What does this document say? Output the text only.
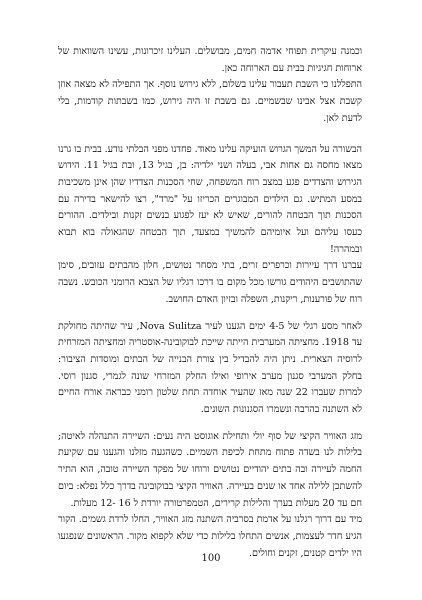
וכמנה עיקרית תפוחי אדמה חמים, מבושלים. העלינו זיכרונות, עשינו השוואות של ארוחות חגיגיות בבית עם הארוחה כאן.

התפללנו כי השבת תעבור עלינו בשלום, ללא גירוש נוסף. אך התפילה לא מצאה אוזן קשבת אצל אבינו שבשמיים. גם בשבת זו היה גירוש, כמו בשבתות קודמות, בלי לדעת לאן.

הבשורה על המשך הגרוש הועיקה עלינו מאוד. פחדנו מפני הבלתי נודע. בבית בו גרנו מצאו מחסה גם אחות אבי, בעלה ושני ילדיה: בן, בגיל 13, ובת בגיל 11. הידוש הגירוש והצדדים פגע במצב רוח המשפחה, שחי הסכנות הצדדיו שהן אינן משכיבות במסע המתיש. גם הילדים המבוגרים הכריזו על "מרד", רצו להישאר בדירה עם הסכנות תוך הבטחה להורים, שאיש לא יעז לפגוע בנשים זקנות ובילדים. ההורים כעסו עליהם ועל איומיהם להמשיך במצעד, תוך הבטחה שהגאולה בוא תבוא ובמהרה!

עברנו דרך עיירות וכרפרים זרים, בתי מסחר נטושים, חלון מהבתים עזובים, סימן שהתושבים היהודים גורשו מכל מקום בו דרכו רגליו של הצבא הרומני הכובש. נשבה רוח של פורענות, ריקנות, השפלה ובזיון האדם החושב.

לאחר מסע רגלי של 4-5 ימים הגענו לעיר Nova Sulitza, עיר שהיתה מחולקת עד 1918. מחציתה המערבית הייתה שייכת לבוקובינה-אוסטריה ומחציתה המזרחית לרוסיה הצארית. ניתן היה להבדיל בין צורת הבנייה של הבתים ומוסדות הציבור: בחלק המערבי סגנון מערב אירופי ואילו החלק המזרחי שונה לגמרי, סגנון רוסי. למרות שעברו 22 שנה מאז שהעיר אוחדה תחת שלטון רומני כבראה אורח החיים לא השתנה בהרבה ונשמרו הסגנונות השונים.

מזג האוויר הקיצי של סוף יולי ותחילת אוגוסט היה נעים: השיירה התנהלה לאיטה; בלילות לנו בשדה פתוח מתחת לכיפת השמיים. כשהגעה מזלנו והגענו עם שקיעת החמה לעיירה ובה בתים יהודיים נטושים ורוחו של מפקד השיירה טובה, הוא התיר להשתכן ללילה אחד או שנים בעיירה. האוויר הקיצי בבוקובינה בדרך כלל נפלא: ביום חם עד 20 מעלות בערך והלילות קרירים, הטמפרטורה יורדת ל 16 -12 מעלות.

מיד עם דרוך רגלנו על אדמת בסרביה השתנה מזג האוויר, החלו לרדת גשמים. הקור הגיע חדר לעצמות, אנשים התחלו בלילות כדי שלא לקפוא מקור. הראשונים שנפגעו היו ילדים קטנים, זקנים וחולים.

100
